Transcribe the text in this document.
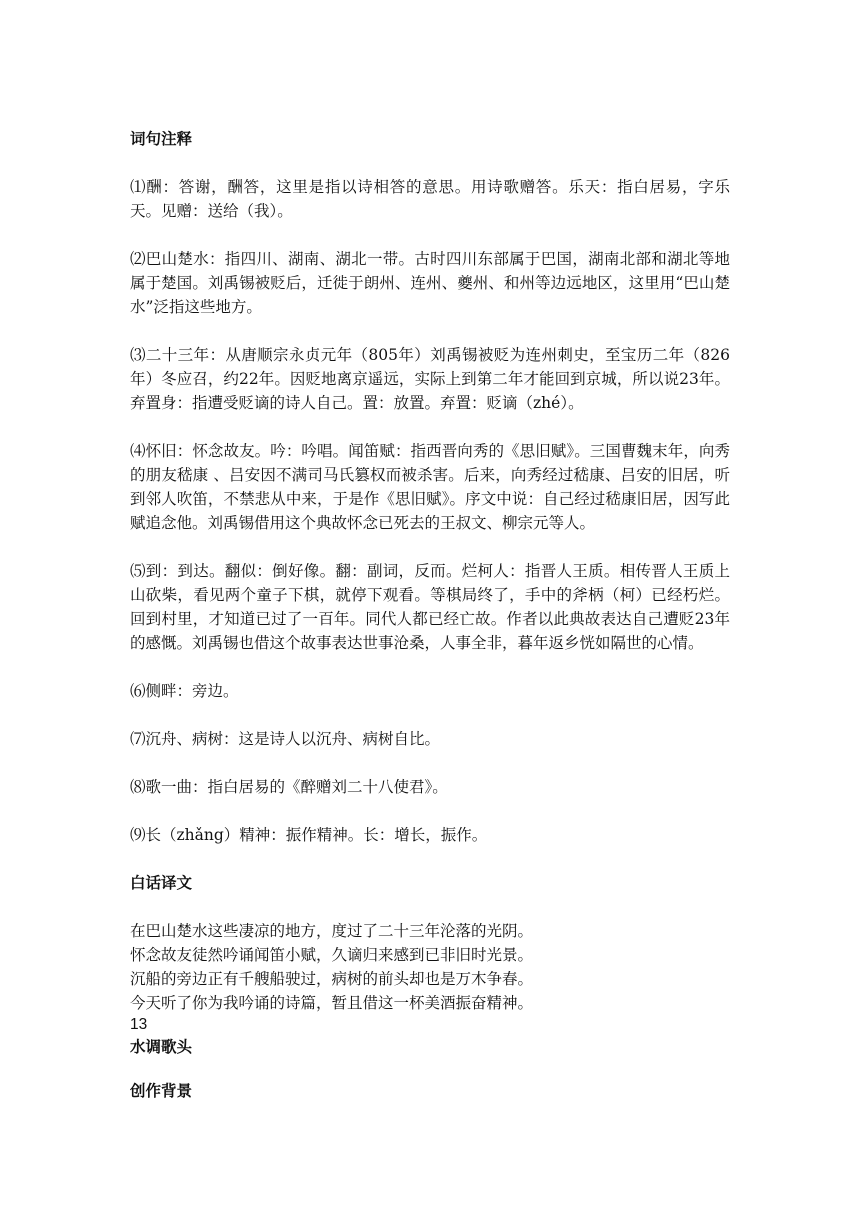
词句注释

⑴酬：答谢，酬答，这里是指以诗相答的意思。用诗歌赠答。乐天：指白居易，字乐天。见赠：送给（我）。

⑵巴山楚水：指四川、湖南、湖北一带。古时四川东部属于巴国，湖南北部和湖北等地属于楚国。刘禹锡被贬后，迁徙于朗州、连州、夔州、和州等边远地区，这里用“巴山楚水”泛指这些地方。

⑶二十三年：从唐顺宗永贞元年（805年）刘禹锡被贬为连州刺史，至宝历二年（826年）冬应召，约22年。因贬地离京遥远，实际上到第二年才能回到京城，所以说23年。弃置身：指遭受贬谪的诗人自己。置：放置。弃置：贬谪（zhé）。

⑷怀旧：怀念故友。吟：吟唱。闻笛赋：指西晋向秀的《思旧赋》。三国曹魏末年，向秀的朋友嵇康 、吕安因不满司马氏篡权而被杀害。后来，向秀经过嵇康、吕安的旧居，听到邻人吹笛，不禁悲从中来，于是作《思旧赋》。序文中说：自己经过嵇康旧居，因写此赋追念他。刘禹锡借用这个典故怀念已死去的王叔文、柳宗元等人。

⑸到：到达。翻似：倒好像。翻：副词，反而。烂柯人：指晋人王质。相传晋人王质上山砍柴，看见两个童子下棋，就停下观看。等棋局终了，手中的斧柄（柯）已经朽烂。回到村里，才知道已过了一百年。同代人都已经亡故。作者以此典故表达自己遭贬23年的感慨。刘禹锡也借这个故事表达世事沧桑，人事全非，暮年返乡恍如隔世的心情。

⑹侧畔：旁边。

⑺沉舟、病树：这是诗人以沉舟、病树自比。

⑻歌一曲：指白居易的《醉赠刘二十八使君》。

⑼长（zhǎng）精神：振作精神。长：增长，振作。

白话译文

在巴山楚水这些凄凉的地方，度过了二十三年沦落的光阴。

怀念故友徒然吟诵闻笛小赋，久谪归来感到已非旧时光景。

沉船的旁边正有千艘船驶过，病树的前头却也是万木争春。

今天听了你为我吟诵的诗篇，暂且借这一杯美酒振奋精神。

13

水调歌头

创作背景
